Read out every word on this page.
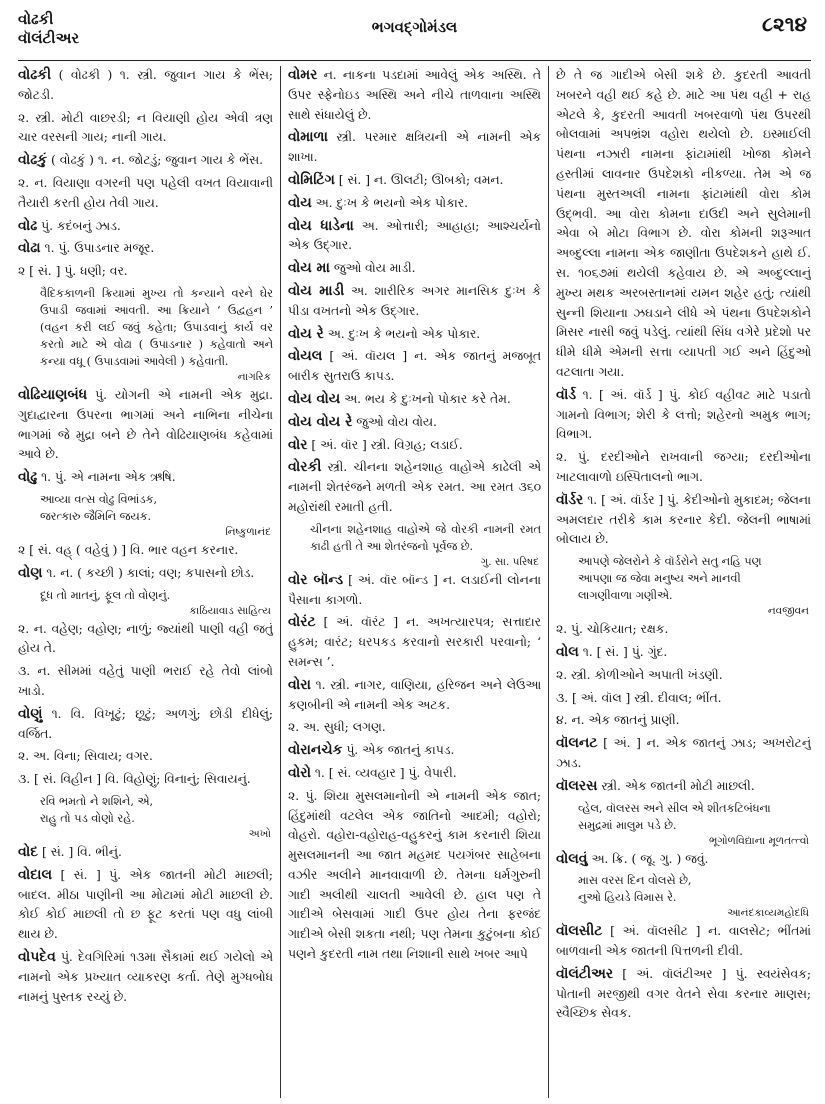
વોઢકી
વૉલંટીઅર
ભગવદ્ગોમંડલ	૮૨૧૪

વોઢકી ( વોઢકી ) ૧. સ્ત્રી. જુવાન ગાય કે ભેંસ; જોટડી.

૨. સ્ત્રી. મોટી વાછરડી; ન વિયાણી હોય એવી ત્રણ ચાર વરસની ગાય; નાની ગાય.

વોઢકું ( વોઢકું ) ૧. ન. જોટડું; જુવાન ગાય કે ભેંસ.

૨. ન. વિયાણા વગરની પણ પહેલી વખત વિયાવાની તૈયારી કરતી હોય તેવી ગાય.

વોઢ પું. કદંબનું ઝાડ.

વોઢા ૧. પું. ઉપાડનાર મજૂર.

૨ [ સં. ] પું. ધણી; વર.

વૈદિકકાળની ક્રિયામાં મુખ્ય તો કન્યાને વરને ઘેર ઉપાડી જવામાં આવતી. આ ક્રિયાને ‘ ઉદ્વહન ’ (વહન કરી લઈ જવું કહેતા; ઉપાડવાનું કાર્ય વર કરતો માટે એ વોઢા ( ઉપાડનાર ) કહેવાતો અને કન્યા વધૂ ( ઉપાડવામાં આવેલી ) કહેવાતી.
નાગરિક

વોઢિયાણબંધ પું. યોગની એ નામની એક મુદ્રા. ગુદાદ્વારના ઉપરના ભાગમાં અને નાભિના નીચેના ભાગમાં જે મુદ્રા બને છે તેને વોઢિયાણબંધ કહેવામાં આવે છે.

વોઢુ ૧. પું. એ નામના એક ઋષિ.

આવ્યા વત્સ વોઢુ વિભાંડક,
જરત્કારુ જૈમિનિ જયક.
નિષ્કુળાનંદ

૨ [ સં. વહ્ ( વહેવું ) ] વિ. ભાર વહન કરનાર.

વોણ ૧. ન. ( કચ્છી ) કાલાં; વણ; કપાસનો છોડ.

દૂધ તો માતનું, ફૂલ તો વોણનું.
કાઠિયાવાડ સાહિત્ય

૨. ન. વહેણ; વહોણ; નાળું; જ્યાંથી પાણી વહી જતું હોય તે.

૩. ન. સીમમાં વહેતું પાણી ભરાઈ રહે તેવો લાંબો ખાડો.

વોણું ૧. વિ. વિખૂટું; છૂટું; અળગું; છોડી દીધેલું; વર્જિત.

૨. અ. વિના; સિવાય; વગર.

૩. [ સં. વિહીન ] વિ. વિહોણું; વિનાનું; સિવાયનું.

રવિ ભમતો ને શશિને, એ,
રાહુ તો પડ વોણો રહે.
અખો

વોદ [ સં. ] વિ. ભીનું.

વોદાલ [ સં. ] પું. એક જાતની મોટી માછલી; બાદલ. મીઠા પાણીની આ મોટામાં મોટી માછલી છે. કોઈ કોઈ માછલી તો છ ફૂટ કરતાં પણ વધુ લાંબી થાય છે.

વોપદેવ પું. દેવગિરિમાં ૧૩મા સૈકામાં થઈ ગયેલો એ નામનો એક પ્રખ્યાત વ્યાકરણ કર્તા. તેણે મુગ્ધબોધ નામનું પુસ્તક રચ્યું છે.

વોમર ન. નાકના પડદામાં આવેલું એક અસ્થિ. તે ઉપર સ્ફેનોઇડ અસ્થિ અને નીચે તાળવાના અસ્થિ સાથે સંધાયેલું છે.

વોમાળા સ્ત્રી. પરમાર ક્ષત્રિયની એ નામની એક શાખા.

વોમિટિંગ [ સં. ] ન. ઊલટી; ઊબકો; વમન.

વોય અ. દુઃખ કે ભયનો એક પોકાર.

વોય ધાડેના અ. ઓત્તારી; આહાહા; આશ્ચર્યનો એક ઉદ્ગાર.

વોય મા જુઓ વોય માડી.

વોય માડી અ. શારીરિક અગર માનસિક દુઃખ કે પીડા વખતનો એક ઉદ્ગાર.

વોય રે અ. દુઃખ કે ભયનો એક પોકાર.

વોયલ [ અં. વૉયલ ] ન. એક જાતનું મજબૂત બારીક સુતરાઉ કાપડ.

વોય વોય અ. ભય કે દુઃખનો પોકાર કરે તેમ.

વોય વોય રે જુઓ વોય વોય.

વોર [ અં. વૉર ] સ્ત્રી. વિગ્રહ; લડાઈ.

વોરકી સ્ત્રી. ચીનના શહેનશાહ વાહોએ કાઢેલી એ નામની શેતરંજને મળતી એક રમત. આ રમત ૩૬૦ મહોરાંથી રમાતી હતી.

ચીનના શહેનશાહ વાહોએ જે વોરકી નામની રમત કાઢી હતી તે આ શેતરંજનો પૂર્વજ છે.
ગુ. સા. પરિષદ

વોર બૉન્ડ [ અં. વૉર બૉન્ડ ] ન. લડાઈની લોનના પૈસાના કાગળો.

વોરંટ [ અં. વૉરંટ ] ન. અખત્યારપત્ર; સત્તાદાર હુકમ; વારંટ; ધરપકડ કરવાનો સરકારી પરવાનો; ‘ સમન્સ ’.

વોરા ૧. સ્ત્રી. નાગર, વાણિયા, હરિજન અને લેઉઆ કણબીની એ નામની એક અટક.

૨. અ. સુધી; લગણ.

વોરાનચેક પું. એક જાતનું કાપડ.

વોરો ૧. [ સં. વ્યવહાર ] પું. વેપારી.

૨. પું. શિયા મુસલમાનોની એ નામની એક જાત; હિંદુમાંથી વટલેલ એક જાતિનો આદમી; વહોરો; વોહરો. વહોરા-વહોરાહ-વહુકરનું કામ કરનારી શિયા મુસલમાનની આ જાત મહમદ પયગંબર સાહેબના વઝીર અલીને માનવાવાળી છે. તેમના ધર્મગુરુની ગાદી અલીથી ચાલતી આવેલી છે. હાલ પણ તે ગાદીએ બેસવામાં ગાદી ઉપર હોય તેના ફરજંદ ગાદીએ બેસી શકતા નથી; પણ તેમના કુટુંબના કોઈ પણને કુદરતી નામ તથા નિશાની સાથે ખબર આપે

છે તે જ ગાદીએ બેસી શકે છે. કુદરતી આવતી ખબરને વહી થઈ કહે છે. માટે આ પંથ વહી + રાહ એટલે કે, કુદરતી આવતી ખબરવાળો પંથ ઉપરથી બોલવામાં અપભ્રંશ વહોરા થયેલો છે. ઇસ્માઈલી પંથના નઝારી નામના ફાંટામાંથી ખોજા કોમને હસ્તીમાં લાવનાર ઉપદેશકો નીકળ્યા. તેમ એ જ પંથના મુસ્તઅલી નામના ફાંટામાંથી વોરા કોમ ઉદ્ભવી. આ વોરા કોમના દાઉદી અને સુલેમાની એવા બે મોટા વિભાગ છે. વોરા કોમની શરૂઆત અબ્દુલ્લા નામના એક જાણીતા ઉપદેશકને હાથે ઈ. સ. ૧૦૬૭માં થયેલી કહેવાય છે. એ અબ્દુલ્લાનું મુખ્ય મથક અરબસ્તાનમાં યમન શહેર હતું; ત્યાંથી સુન્ની શિયાના ઝઘડાને લીધે એ પંથના ઉપદેશકોને મિસર નાસી જવું પડેલું. ત્યાંથી સિંધ વગેરે પ્રદેશો પર ધીમે ધીમે એમની સત્તા વ્યાપતી ગઈ અને હિંદુઓ વટલાતા ગયા.

વૉર્ડ ૧. [ અં. વૉર્ડ ] પું. કોઈ વહીવટ માટે પડાતો ગામનો વિભાગ; શેરી કે લત્તો; શહેરનો અમુક ભાગ; વિભાગ.

૨. પું. દરદીઓને રાખવાની જગ્યા; દરદીઓના ખાટલાવાળો ઇસ્પિતાલનો ભાગ.

વૉર્ડર ૧. [ અં. વૉર્ડર ] પું. કેદીઓનો મુકાદમ; જેલના અમલદાર તરીકે કામ કરનાર કેદી. જેલની ભાષામાં બોલાય છે.

આપણે જેલરોને કે વૉર્ડરોને સતુ નહિ પણ
આપણા જ જેવા મનુષ્ય અને માનવી
લાગણીવાળા ગણીએ.
નવજીવન

૨. પું. ચોકિયાત; રક્ષક.

વોલ ૧. [ સં. ] પું. ગુંદ.

૨. સ્ત્રી. કોળીઓને અપાતી ખંડણી.

૩. [ અં. વૉલ ] સ્ત્રી. દીવાલ; ભીંત.

૪. ન. એક જાતનું પ્રાણી.

વૉલનટ [ અં. ] ન. એક જાતનું ઝાડ; અખરોટનું ઝાડ.

વૉલરસ સ્ત્રી. એક જાતની મોટી માછલી.

વ્હેલ, વૉલરસ અને સીલ એ શીતકટિબંધના
સમુદ્રમાં માલુમ પડે છે.
ભૂગોળવિદ્યાના મૂળતત્ત્વો

વોલવું અ. ક્રિ. ( જૂ. ગુ. ) જવું.

માસ વરસ દિન વોલસે છે,
નુઓ હિયડે વિમાસ રે.
આનંદકાવ્યમહોદધિ

વૉલસીટ [ અં. વૉલસીટ ] ન. વાલસેટ; ભીંતમાં બાળવાની એક જાતની પિત્તળની દીવી.

વૉલંટીઅર [ અં. વૉલંટીઅર ] પું. સ્વયંસેવક; પોતાની મરજીથી વગર વેતને સેવા કરનાર માણસ; સ્વૈચ્છિક સેવક.
